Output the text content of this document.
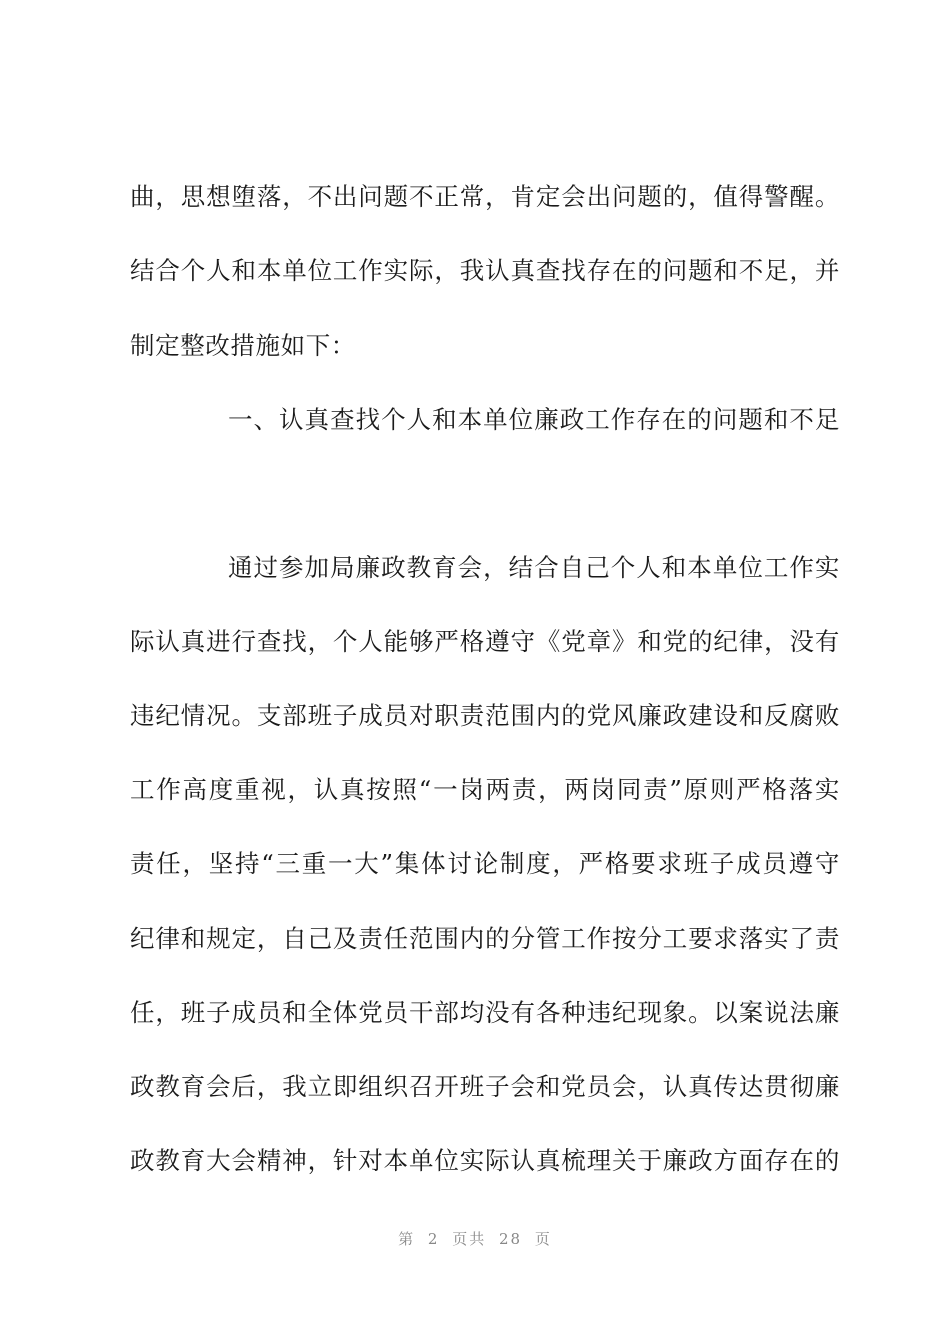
曲，思想堕落，不出问题不正常，肯定会出问题的，值得警醒。
结合个人和本单位工作实际，我认真查找存在的问题和不足，并
制定整改措施如下：
一、认真查找个人和本单位廉政工作存在的问题和不足
通过参加局廉政教育会，结合自己个人和本单位工作实
际认真进行查找，个人能够严格遵守《党章》和党的纪律，没有
违纪情况。支部班子成员对职责范围内的党风廉政建设和反腐败
工作高度重视，认真按照“一岗两责，两岗同责”原则严格落实
责任，坚持“三重一大”集体讨论制度，严格要求班子成员遵守
纪律和规定，自己及责任范围内的分管工作按分工要求落实了责
任，班子成员和全体党员干部均没有各种违纪现象。以案说法廉
政教育会后，我立即组织召开班子会和党员会，认真传达贯彻廉
政教育大会精神，针对本单位实际认真梳理关于廉政方面存在的
第 2 页共 28 页
